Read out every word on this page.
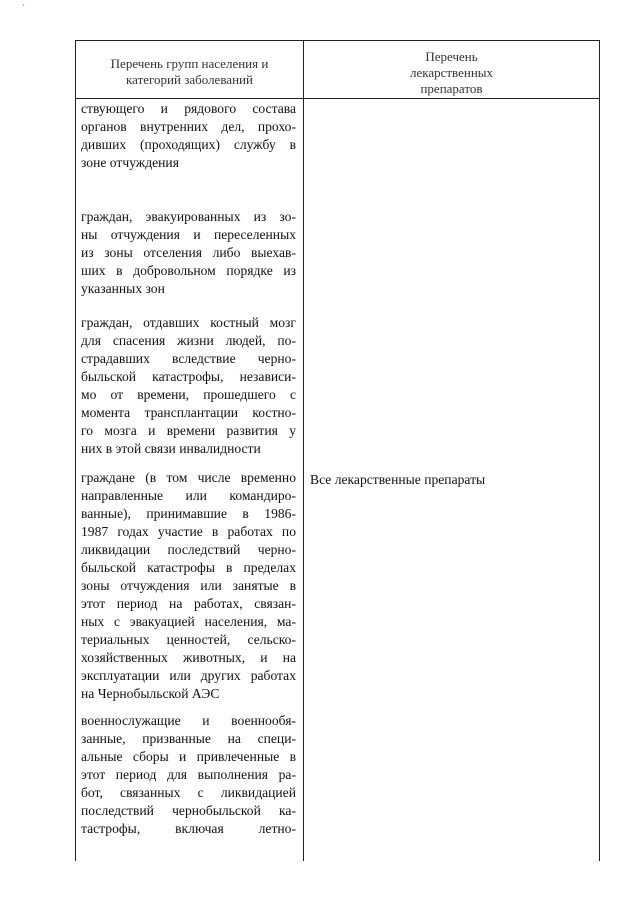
`
Перечень групп населения и
категорий заболеваний
Перечень
лекарственных
препаратов
ствующего и рядового состава
органов внутренних дел, прохо-
дивших (проходящих) службу в
зоне отчуждения
граждан, эвакуированных из зо-
ны отчуждения и переселенных
из зоны отселения либо выехав-
ших в добровольном порядке из
указанных зон
граждан, отдавших костный мозг
для спасения жизни людей, по-
страдавших вследствие черно-
быльской катастрофы, независи-
мо от времени, прошедшего с
момента трансплантации костно-
го мозга и времени развития у
них в этой связи инвалидности
граждане (в том числе временно
направленные или командиро-
ванные), принимавшие в 1986-
1987 годах участие в работах по
ликвидации последствий черно-
быльской катастрофы в пределах
зоны отчуждения или занятые в
этот период на работах, связан-
ных с эвакуацией населения, ма-
териальных ценностей, сельско-
хозяйственных животных, и на
эксплуатации или других работах
на Чернобыльской АЭС
военнослужащие и военнообя-
занные, призванные на специ-
альные сборы и привлеченные в
этот период для выполнения ра-
бот, связанных с ликвидацией
последствий чернобыльской ка-
тастрофы, включая летно-
Все лекарственные препараты
